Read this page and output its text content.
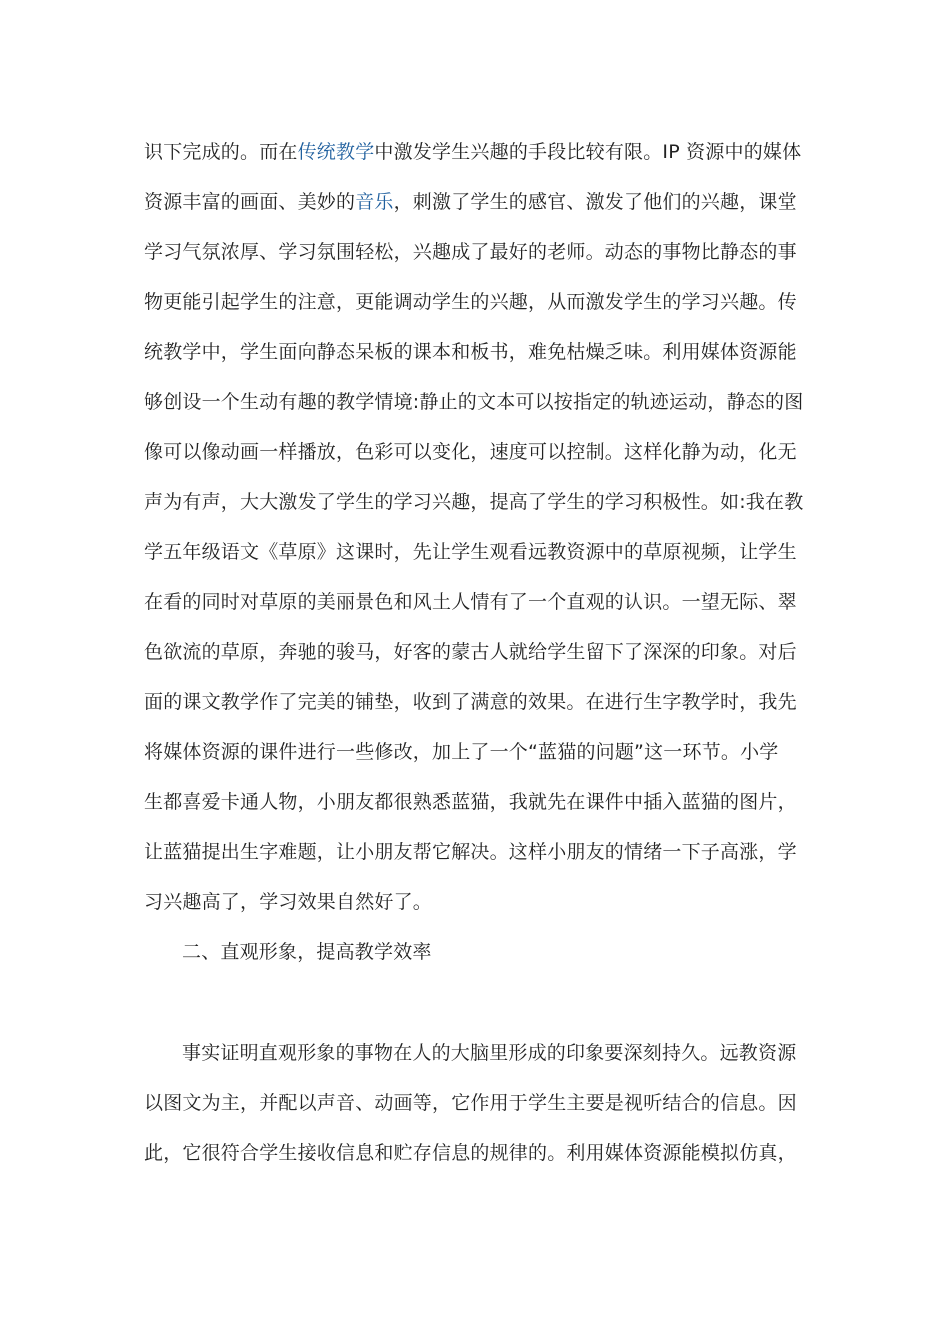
识下完成的。而在传统教学中激发学生兴趣的手段比较有限。IP 资源中的媒体
资源丰富的画面、美妙的音乐，刺激了学生的感官、激发了他们的兴趣，课堂
学习气氛浓厚、学习氛围轻松，兴趣成了最好的老师。动态的事物比静态的事
物更能引起学生的注意，更能调动学生的兴趣，从而激发学生的学习兴趣。传
统教学中，学生面向静态呆板的课本和板书，难免枯燥乏味。利用媒体资源能
够创设一个生动有趣的教学情境:静止的文本可以按指定的轨迹运动，静态的图
像可以像动画一样播放，色彩可以变化，速度可以控制。这样化静为动，化无
声为有声，大大激发了学生的学习兴趣，提高了学生的学习积极性。如:我在教
学五年级语文《草原》这课时，先让学生观看远教资源中的草原视频，让学生
在看的同时对草原的美丽景色和风土人情有了一个直观的认识。一望无际、翠
色欲流的草原，奔驰的骏马，好客的蒙古人就给学生留下了深深的印象。对后
面的课文教学作了完美的铺垫，收到了满意的效果。在进行生字教学时，我先
将媒体资源的课件进行一些修改，加上了一个“蓝猫的问题”这一环节。小学
生都喜爱卡通人物，小朋友都很熟悉蓝猫，我就先在课件中插入蓝猫的图片，
让蓝猫提出生字难题，让小朋友帮它解决。这样小朋友的情绪一下子高涨，学
习兴趣高了，学习效果自然好了。
二、直观形象，提高教学效率
事实证明直观形象的事物在人的大脑里形成的印象要深刻持久。远教资源
以图文为主，并配以声音、动画等，它作用于学生主要是视听结合的信息。因
此，它很符合学生接收信息和贮存信息的规律的。利用媒体资源能模拟仿真，
